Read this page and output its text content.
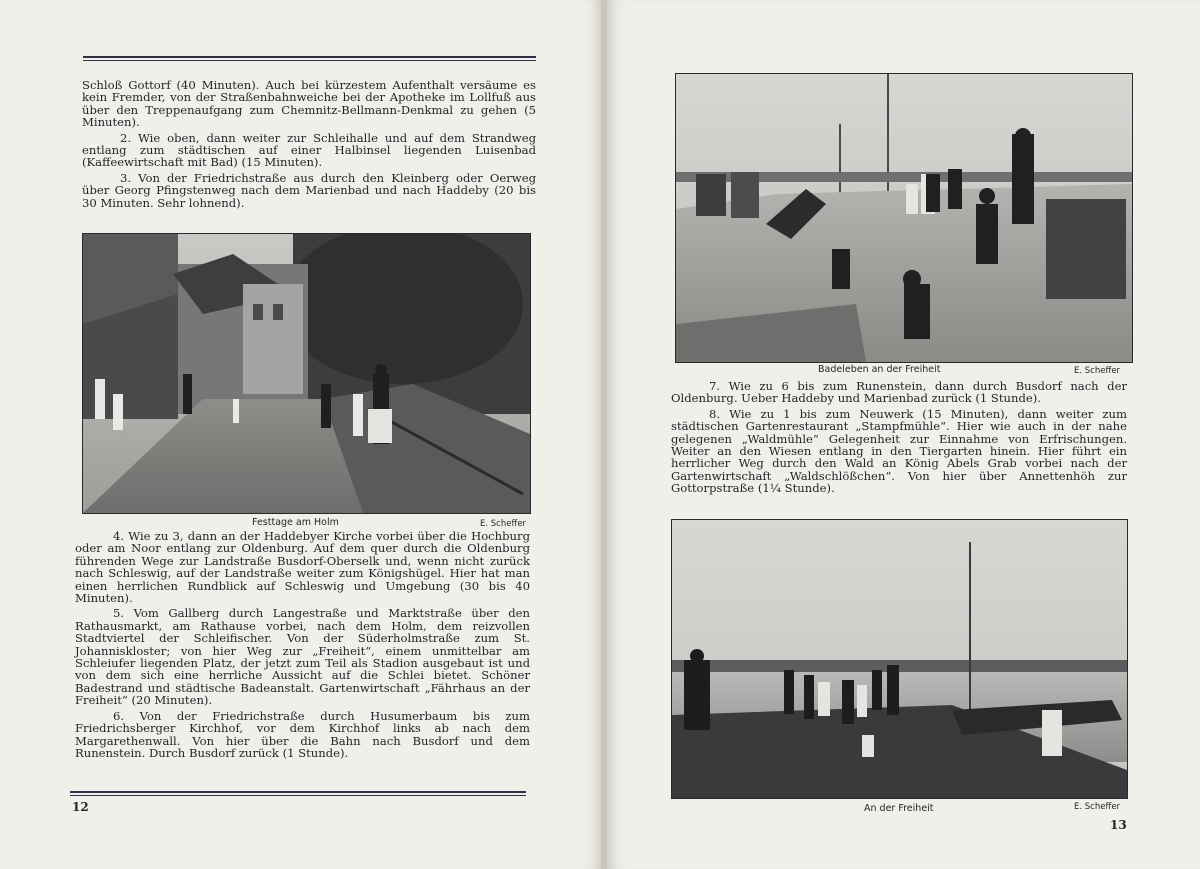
Schloß Gottorf (40 Minuten). Auch bei kürzestem Aufenthalt versäume es kein Fremder, von der Straßenbahnweiche bei der Apotheke im Lollfuß aus über den Treppenaufgang zum Chemnitz-Bellmann-Denkmal zu gehen (5 Minuten).

2. Wie oben, dann weiter zur Schleihalle und auf dem Strandweg entlang zum städtischen auf einer Halbinsel liegenden Luisenbad (Kaffeewirtschaft mit Bad) (15 Minuten).

3. Von der Friedrichstraße aus durch den Kleinberg oder Oerweg über Georg Pfingstenweg nach dem Marienbad und nach Haddeby (20 bis 30 Minuten. Sehr lohnend).

Festtage am Holm	E. Scheffer

4. Wie zu 3, dann an der Haddebyer Kirche vorbei über die Hochburg oder am Noor entlang zur Oldenburg. Auf dem quer durch die Oldenburg führenden Wege zur Landstraße Busdorf-Oberselk und, wenn nicht zurück nach Schleswig, auf der Landstraße weiter zum Königshügel. Hier hat man einen herrlichen Rundblick auf Schleswig und Umgebung (30 bis 40 Minuten).

5. Vom Gallberg durch Langestraße und Marktstraße über den Rathausmarkt, am Rathause vorbei, nach dem Holm, dem reizvollen Stadtviertel der Schleifischer. Von der Süderholmstraße zum St. Johanniskloster; von hier Weg zur „Freiheit“, einem unmittelbar am Schleiufer liegenden Platz, der jetzt zum Teil als Stadion ausgebaut ist und von dem sich eine herrliche Aussicht auf die Schlei bietet. Schöner Badestrand und städtische Badeanstalt. Gartenwirtschaft „Fährhaus an der Freiheit“ (20 Minuten).

6. Von der Friedrichstraße durch Husumerbaum bis zum Friedrichsberger Kirchhof, vor dem Kirchhof links ab nach dem Margarethenwall. Von hier über die Bahn nach Busdorf und dem Runenstein. Durch Busdorf zurück (1 Stunde).

12
Badeleben an der Freiheit	E. Scheffer

7. Wie zu 6 bis zum Runenstein, dann durch Busdorf nach der Oldenburg. Ueber Haddeby und Marienbad zurück (1 Stunde).

8. Wie zu 1 bis zum Neuwerk (15 Minuten), dann weiter zum städtischen Gartenrestaurant „Stampfmühle“. Hier wie auch in der nahe gelegenen „Waldmühle“ Gelegenheit zur Einnahme von Erfrischungen. Weiter an den Wiesen entlang in den Tiergarten hinein. Hier führt ein herrlicher Weg durch den Wald an König Abels Grab vorbei nach der Gartenwirtschaft „Waldschlößchen“. Von hier über Annettenhöh zur Gottorpstraße (1¼ Stunde).

An der Freiheit	E. Scheffer
13
